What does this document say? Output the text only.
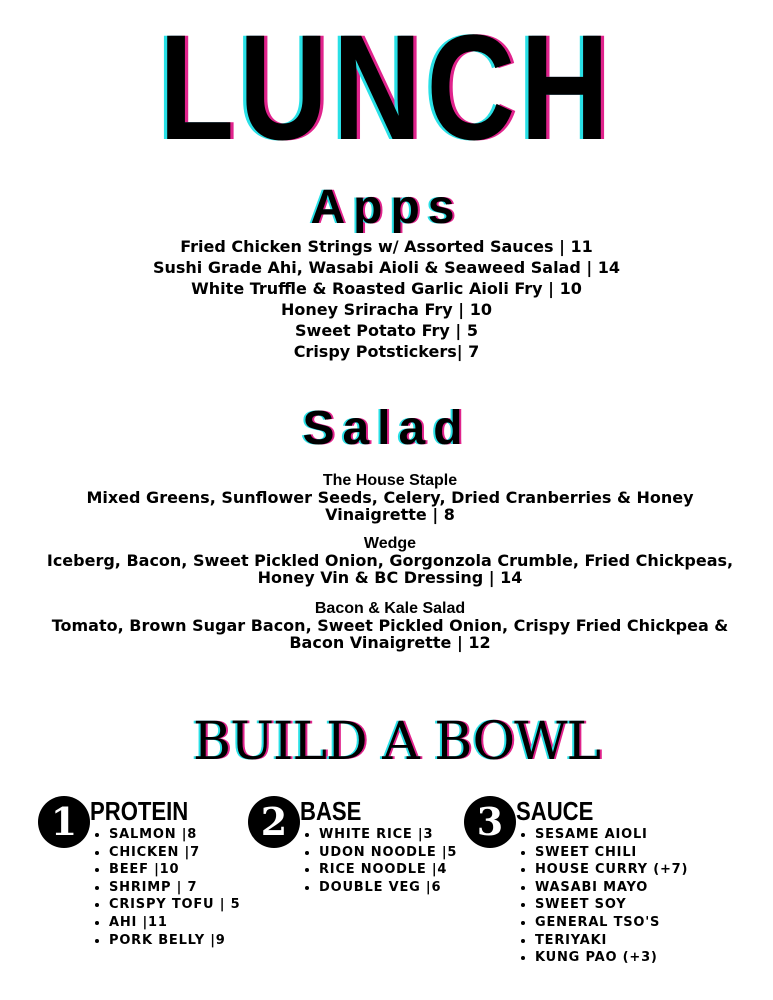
LUNCH
Apps
Fried Chicken Strings w/ Assorted Sauces | 11
Sushi Grade Ahi, Wasabi Aioli & Seaweed Salad | 14
White Truffle & Roasted Garlic Aioli Fry | 10
Honey Sriracha Fry | 10
Sweet Potato Fry | 5
Crispy Potstickers| 7
Salad
The House Staple
Mixed Greens, Sunflower Seeds, Celery, Dried Cranberries & Honey Vinaigrette | 8
Wedge
Iceberg, Bacon, Sweet Pickled Onion, Gorgonzola Crumble, Fried Chickpeas, Honey Vin & BC Dressing | 14
Bacon & Kale Salad
Tomato, Brown Sugar Bacon, Sweet Pickled Onion, Crispy Fried Chickpea & Bacon Vinaigrette | 12
BUILD A BOWL
1 PROTEIN
• SALMON |8
• CHICKEN |7
• BEEF |10
• SHRIMP | 7
• CRISPY TOFU | 5
• AHI |11
• PORK BELLY |9
2 BASE
• WHITE RICE |3
• UDON NOODLE |5
• RICE NOODLE |4
• DOUBLE VEG |6
3 SAUCE
• SESAME AIOLI
• SWEET CHILI
• HOUSE CURRY (+7)
• WASABI MAYO
• SWEET SOY
• GENERAL TSO'S
• TERIYAKI
• KUNG PAO (+3)
